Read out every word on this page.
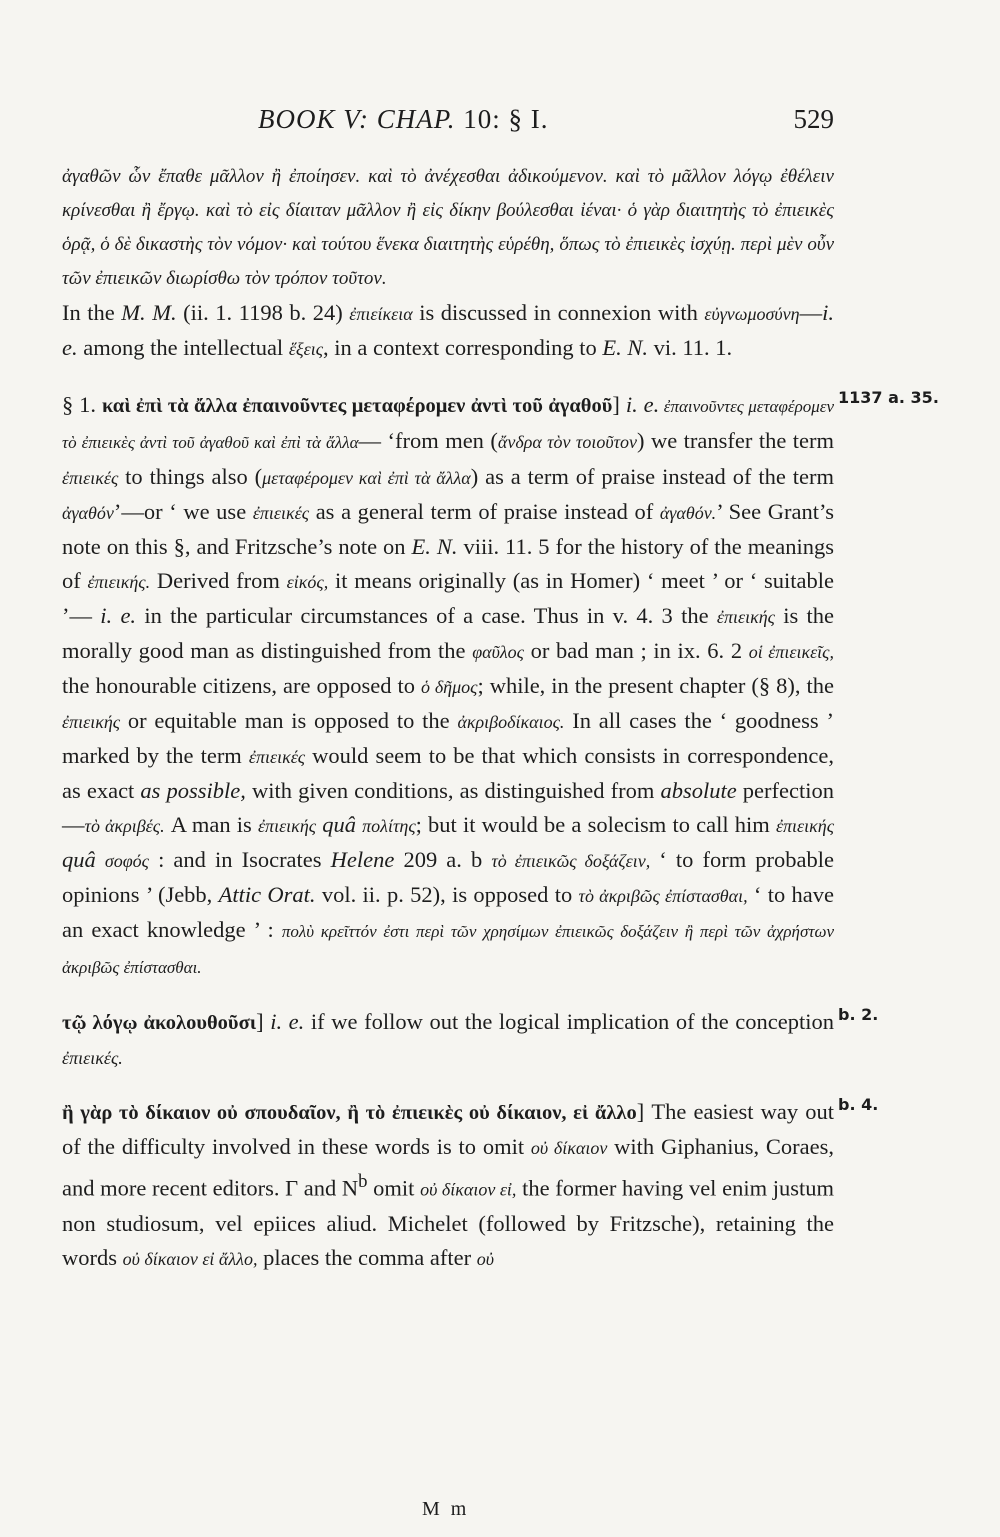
BOOK V: CHAP. 10: § I.	529

ἀγαθῶν ὧν ἔπαθε μᾶλλον ἢ ἐποίησεν. καὶ τὸ ἀνέχεσθαι ἀδικούμενον. καὶ τὸ μᾶλλον λόγῳ ἐθέλειν κρίνεσθαι ἢ ἔργῳ. καὶ τὸ εἰς δίαιταν μᾶλλον ἢ εἰς δίκην βούλεσθαι ἰέναι· ὁ γὰρ διαιτητὴς τὸ ἐπιεικὲς ὁρᾷ, ὁ δὲ δικαστὴς τὸν νόμον· καὶ τούτου ἕνεκα διαιτητὴς εὑρέθη, ὅπως τὸ ἐπιεικὲς ἰσχύῃ. περὶ μὲν οὖν τῶν ἐπιεικῶν διωρίσθω τὸν τρόπον τοῦτον.

In the M. M. (ii. 1. 1198 b. 24) ἐπιείκεια is discussed in connexion with εὐγνωμοσύνη—i. e. among the intellectual ἕξεις, in a context corresponding to E. N. vi. 11. 1.

1137 a. 35.

§ 1. καὶ ἐπὶ τὰ ἄλλα ἐπαινοῦντες μεταφέρομεν ἀντὶ τοῦ ἀγαθοῦ] i. e. ἐπαινοῦντες μεταφέρομεν τὸ ἐπιεικὲς ἀντὶ τοῦ ἀγαθοῦ καὶ ἐπὶ τὰ ἄλλα— ‘from men (ἄνδρα τὸν τοιοῦτον) we transfer the term ἐπιεικές to things also (μεταφέρομεν καὶ ἐπὶ τὰ ἄλλα) as a term of praise instead of the term ἀγαθόν’—or ‘ we use ἐπιεικές as a general term of praise instead of ἀγαθόν.’ See Grant’s note on this §, and Fritzsche’s note on E. N. viii. 11. 5 for the history of the meanings of ἐπιεικής. Derived from εἰκός, it means originally (as in Homer) ‘ meet ’ or ‘ suitable ’— i. e. in the particular circumstances of a case. Thus in v. 4. 3 the ἐπιεικής is the morally good man as distinguished from the φαῦλος or bad man ; in ix. 6. 2 οἱ ἐπιεικεῖς, the honourable citizens, are opposed to ὁ δῆμος; while, in the present chapter (§ 8), the ἐπιεικής or equitable man is opposed to the ἀκριβοδίκαιος. In all cases the ‘ goodness ’ marked by the term ἐπιεικές would seem to be that which consists in correspondence, as exact as possible, with given conditions, as distinguished from absolute perfection—τὸ ἀκριβές. A man is ἐπιεικής quâ πολίτης; but it would be a solecism to call him ἐπιεικής quâ σοφός : and in Isocrates Helene 209 a. b τὸ ἐπιεικῶς δοξάζειν, ‘ to form probable opinions ’ (Jebb, Attic Orat. vol. ii. p. 52), is opposed to τὸ ἀκριβῶς ἐπίστασθαι, ‘ to have an exact knowledge ’ : πολὺ κρεῖττόν ἐστι περὶ τῶν χρησίμων ἐπιεικῶς δοξάζειν ἢ περὶ τῶν ἀχρήστων ἀκριβῶς ἐπίστασθαι.

b. 2.

τῷ λόγῳ ἀκολουθοῦσι] i. e. if we follow out the logical implication of the conception ἐπιεικές.

b. 4.

ἢ γὰρ τὸ δίκαιον οὐ σπουδαῖον, ἢ τὸ ἐπιεικὲς οὐ δίκαιον, εἰ ἄλλο] The easiest way out of the difficulty involved in these words is to omit οὐ δίκαιον with Giphanius, Coraes, and more recent editors. Γ and $N^b$ omit οὐ δίκαιον εἰ, the former having vel enim justum non studiosum, vel epiices aliud. Michelet (followed by Fritzsche), retaining the words οὐ δίκαιον εἰ ἄλλο, places the comma after οὐ

M m
